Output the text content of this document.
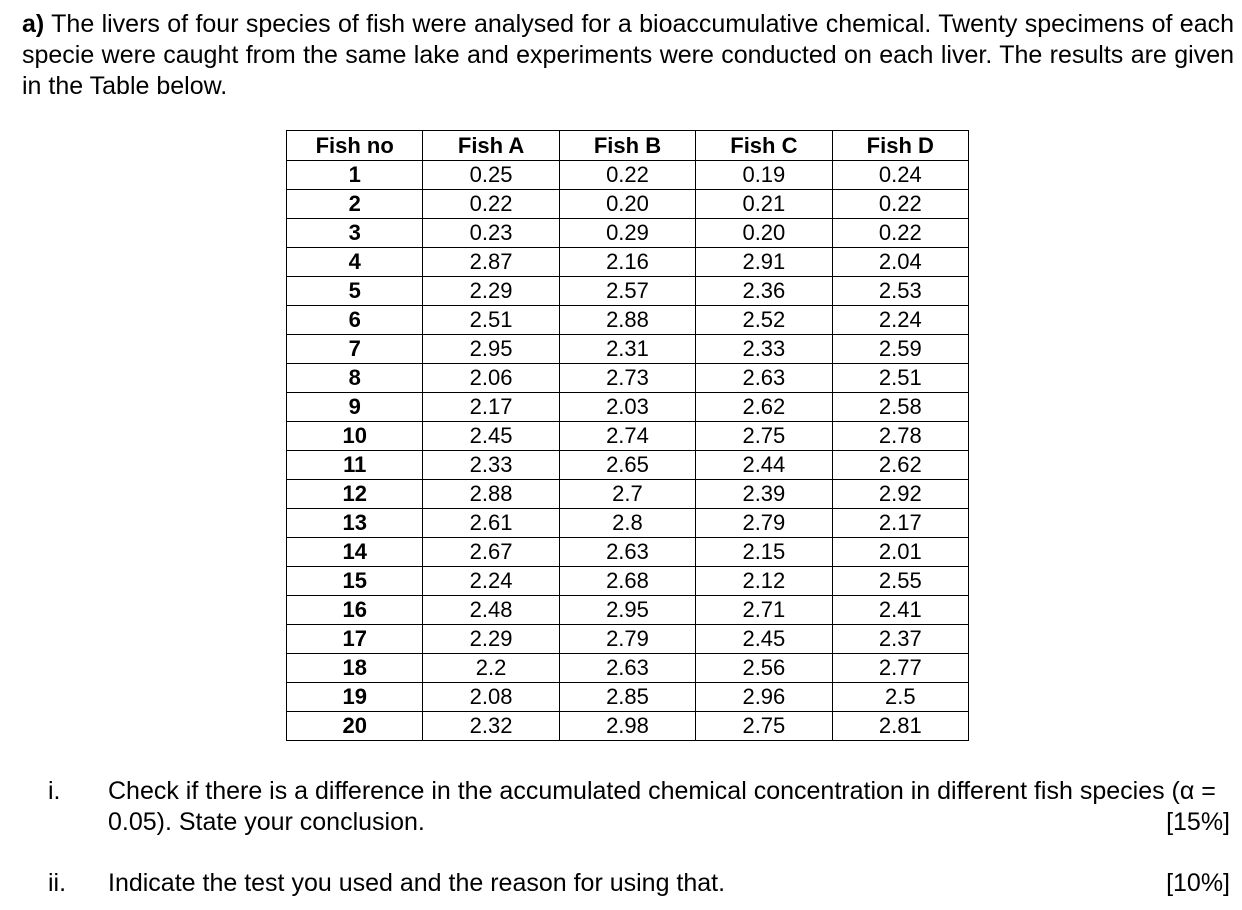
a) The livers of four species of fish were analysed for a bioaccumulative chemical. Twenty specimens of each specie were caught from the same lake and experiments were conducted on each liver. The results are given in the Table below.

Fish no	Fish A	Fish B	Fish C	Fish D
1	0.25	0.22	0.19	0.24
2	0.22	0.20	0.21	0.22
3	0.23	0.29	0.20	0.22
4	2.87	2.16	2.91	2.04
5	2.29	2.57	2.36	2.53
6	2.51	2.88	2.52	2.24
7	2.95	2.31	2.33	2.59
8	2.06	2.73	2.63	2.51
9	2.17	2.03	2.62	2.58
10	2.45	2.74	2.75	2.78
11	2.33	2.65	2.44	2.62
12	2.88	2.7	2.39	2.92
13	2.61	2.8	2.79	2.17
14	2.67	2.63	2.15	2.01
15	2.24	2.68	2.12	2.55
16	2.48	2.95	2.71	2.41
17	2.29	2.79	2.45	2.37
18	2.2	2.63	2.56	2.77
19	2.08	2.85	2.96	2.5
20	2.32	2.98	2.75	2.81
i. Check if there is a difference in the accumulated chemical concentration in different fish species (α = 0.05). State your conclusion.	[15%]
ii. Indicate the test you used and the reason for using that.	[10%]
